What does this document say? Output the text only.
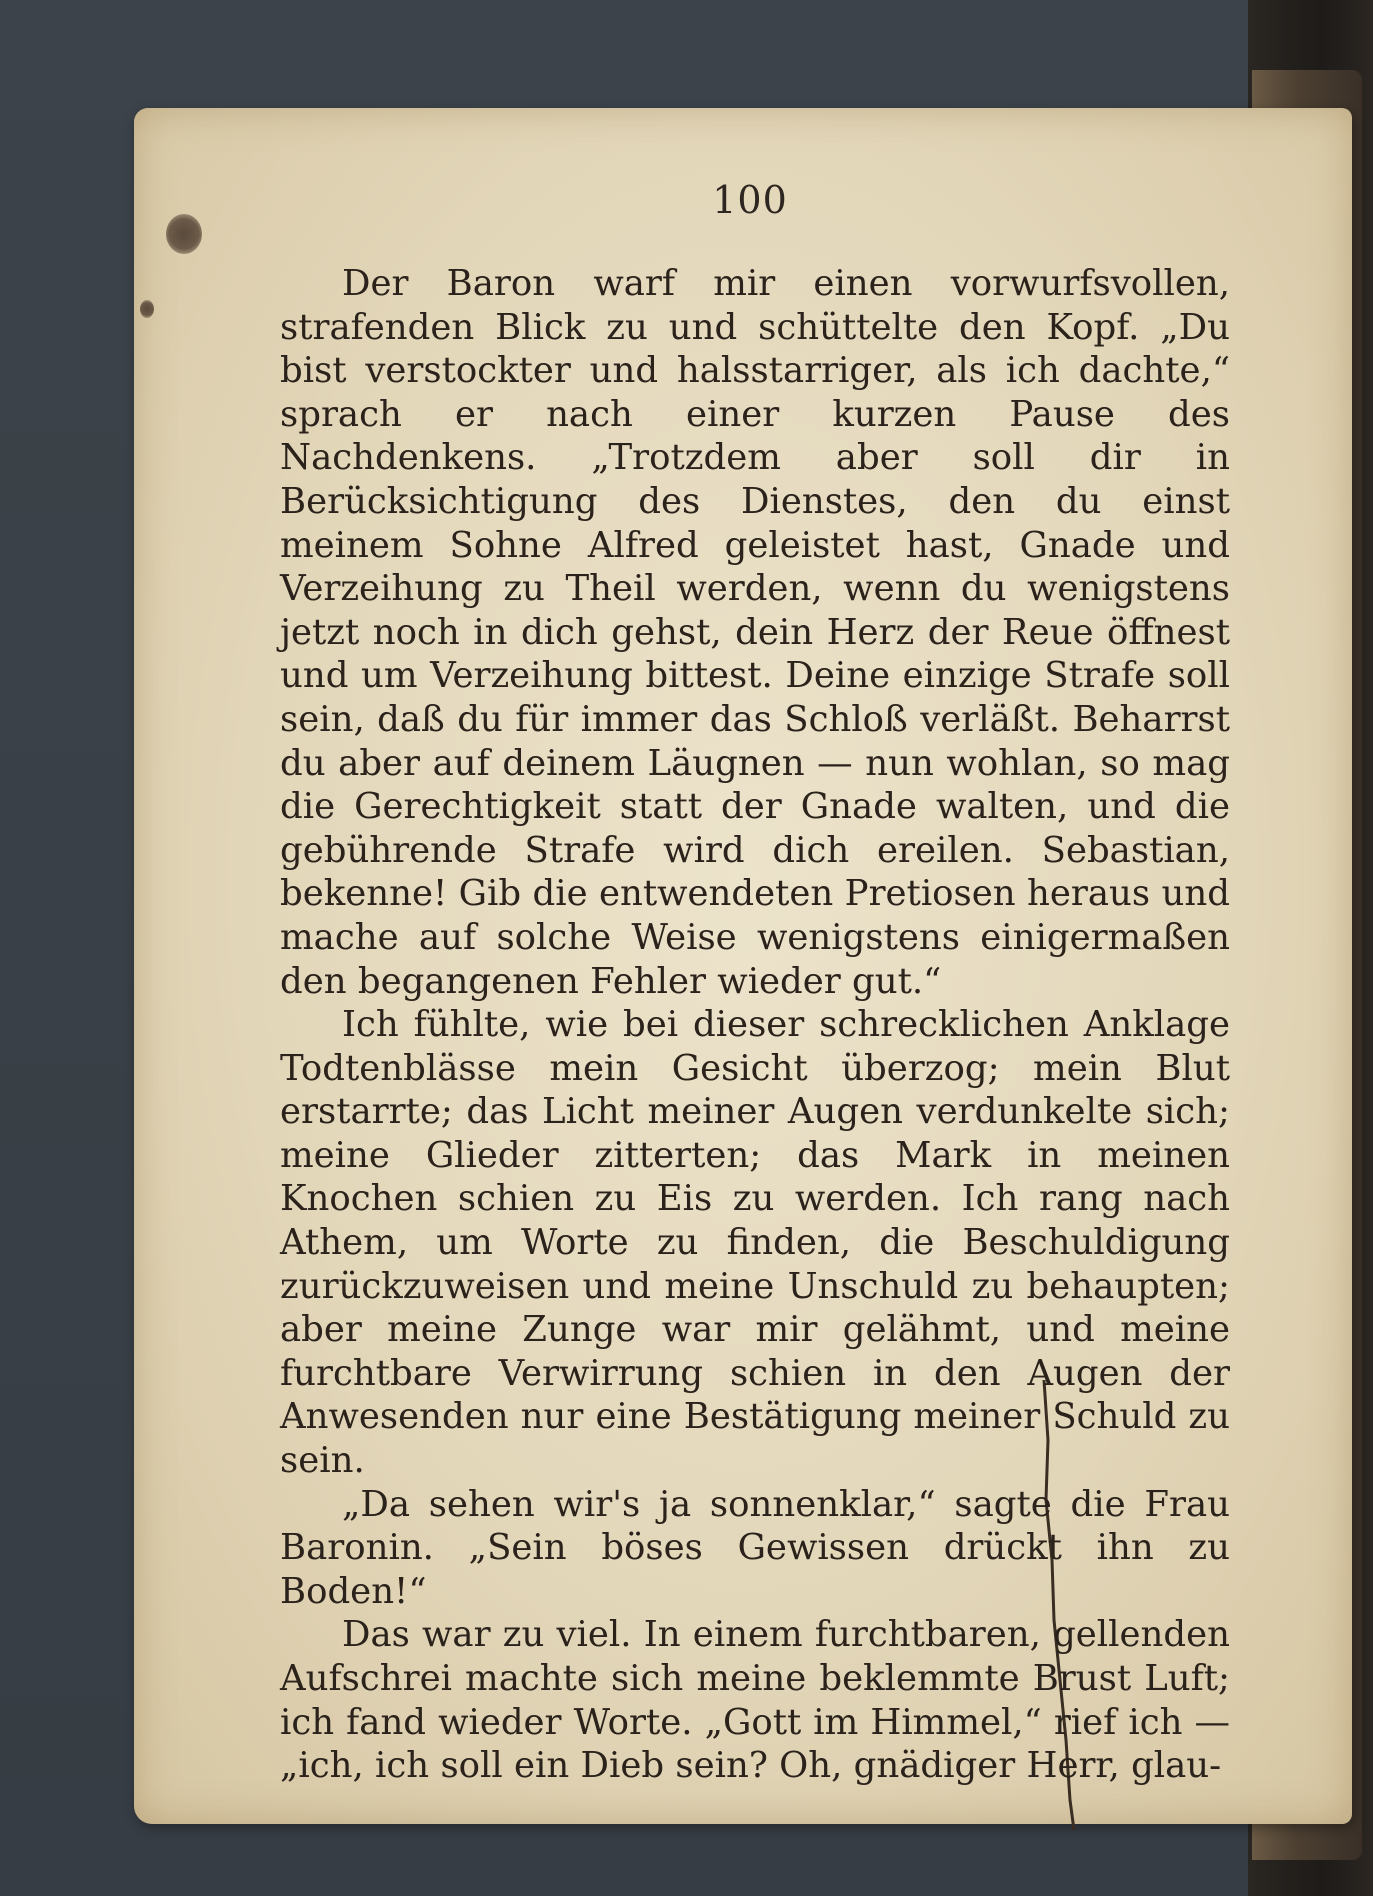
100

Der Baron warf mir einen vorwurfsvollen, strafenden Blick zu und schüttelte den Kopf. „Du bist verstockter und halsstarriger, als ich dachte,“ sprach er nach einer kurzen Pause des Nachdenkens. „Trotzdem aber soll dir in Berücksichtigung des Dienstes, den du einst meinem Sohne Alfred geleistet hast, Gnade und Verzeihung zu Theil werden, wenn du wenigstens jetzt noch in dich gehst, dein Herz der Reue öffnest und um Verzeihung bittest. Deine einzige Strafe soll sein, daß du für immer das Schloß verläßt. Beharrst du aber auf deinem Läugnen — nun wohlan, so mag die Gerechtigkeit statt der Gnade walten, und die gebührende Strafe wird dich ereilen. Sebastian, bekenne! Gib die entwendeten Pretiosen heraus und mache auf solche Weise wenigstens einigermaßen den begangenen Fehler wieder gut.“

Ich fühlte, wie bei dieser schrecklichen Anklage Todtenblässe mein Gesicht überzog; mein Blut erstarrte; das Licht meiner Augen verdunkelte sich; meine Glieder zitterten; das Mark in meinen Knochen schien zu Eis zu werden. Ich rang nach Athem, um Worte zu finden, die Beschuldigung zurückzuweisen und meine Unschuld zu behaupten; aber meine Zunge war mir gelähmt, und meine furchtbare Verwirrung schien in den Augen der Anwesenden nur eine Bestätigung meiner Schuld zu sein.

„Da sehen wir's ja sonnenklar,“ sagte die Frau Baronin. „Sein böses Gewissen drückt ihn zu Boden!“

Das war zu viel. In einem furchtbaren, gellenden Aufschrei machte sich meine beklemmte Brust Luft; ich fand wieder Worte. „Gott im Himmel,“ rief ich — „ich, ich soll ein Dieb sein? Oh, gnädiger Herr, glau-
